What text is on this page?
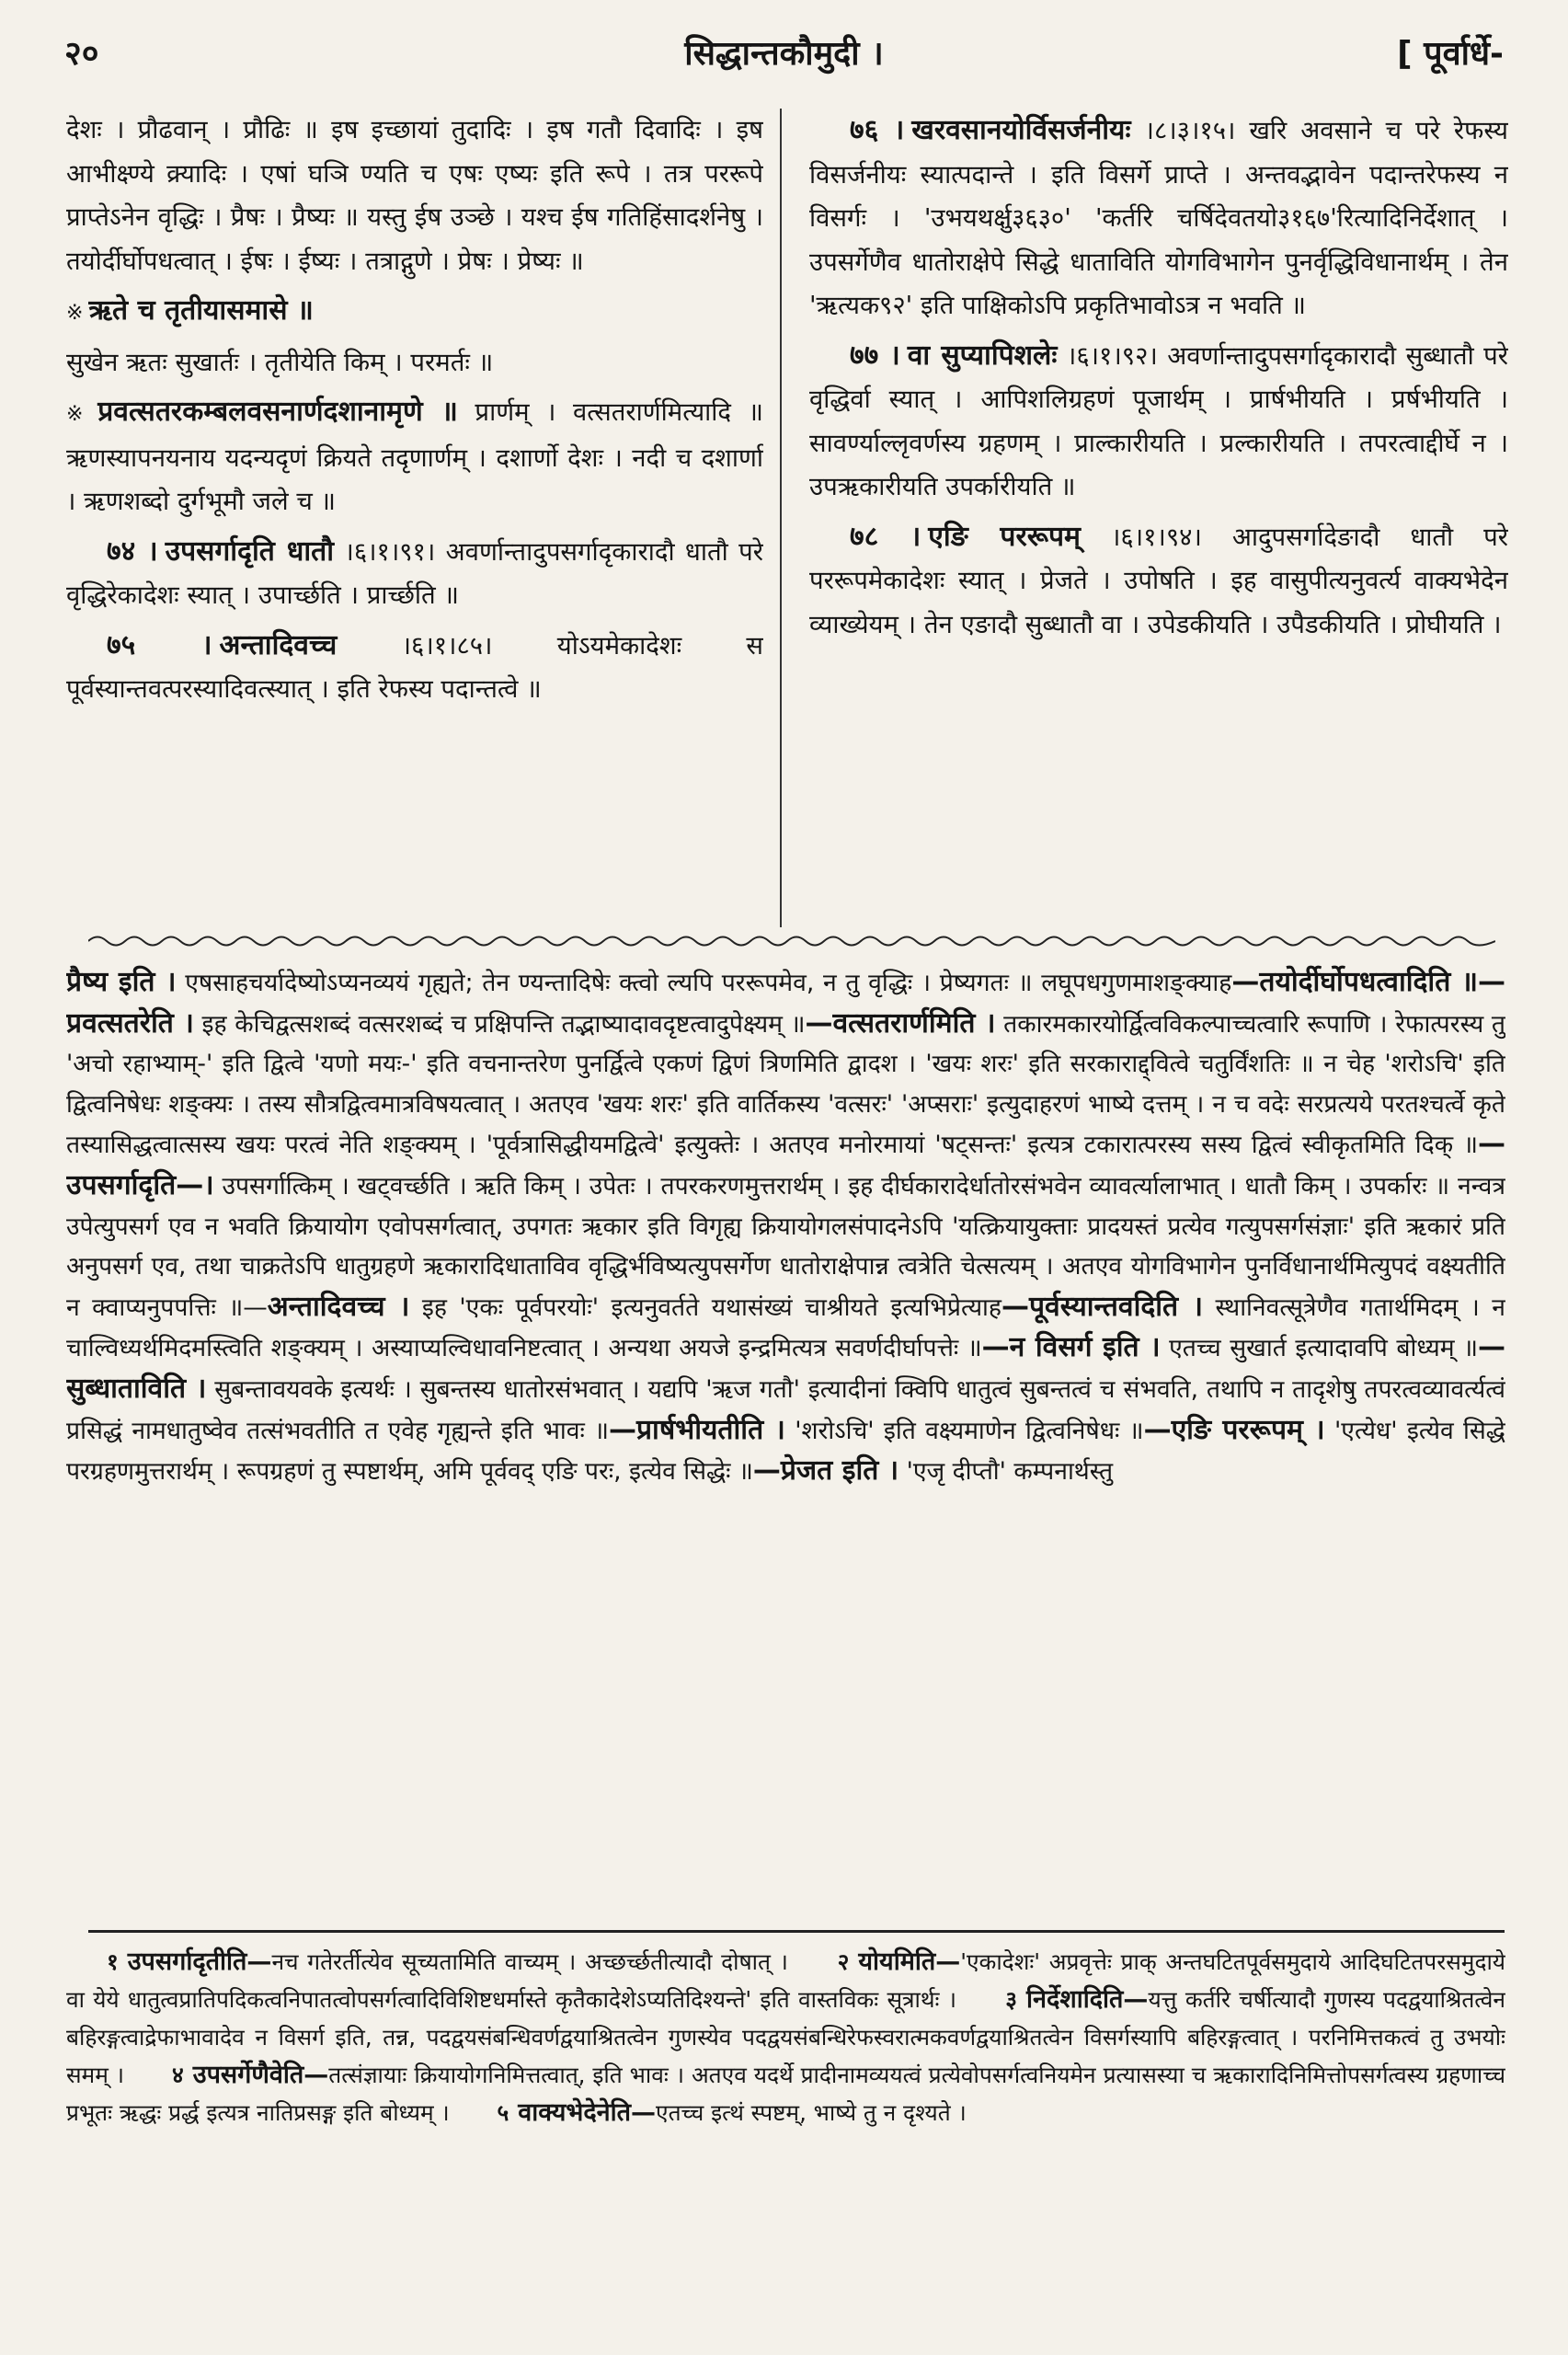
२०	सिद्धान्तकौमुदी ।	[ पूर्वार्धे-

देशः । प्रौढवान् । प्रौढिः ॥ इष इच्छायां तुदादिः । इष गतौ दिवादिः । इष आभीक्ष्ण्ये क्र्यादिः । एषां घञि ण्यति च एषः एष्यः इति रूपे । तत्र पररूपे प्राप्तेऽनेन वृद्धिः । प्रैषः । प्रैष्यः ॥ यस्तु ईष उञ्छे । यश्च ईष गतिहिंसादर्शनेषु । तयोर्दीर्घोपधत्वात् । ईषः । ईष्यः । तत्राद्गुणे । प्रेषः । प्रेष्यः ॥

※ ऋते च तृतीयासमासे ॥

सुखेन ऋतः सुखार्तः । तृतीयेति किम् । परमर्तः ॥

※ प्रवत्सतरकम्बलवसनार्णदशानामृणे ॥ प्रार्णम् । वत्सतरार्णमित्यादि ॥ ऋणस्यापनयनाय यदन्यदृणं क्रियते तदृणार्णम् । दशार्णो देशः । नदी च दशार्णा । ऋणशब्दो दुर्गभूमौ जले च ॥

७४ । उपसर्गादृति धातौ ।६।१।९१। अवर्णान्तादुपसर्गादृकारादौ धातौ परे वृद्धिरेकादेशः स्यात् । उपार्च्छति । प्रार्च्छति ॥

७५ । अन्तादिवच्च	।६।१।८५। योऽयमेकादेशः स पूर्वस्यान्तवत्परस्यादिवत्स्यात् । इति रेफस्य पदान्तत्वे ॥

७६ । खरवसानयोर्विसर्जनीयः ।८।३।१५। खरि अवसाने च परे रेफस्य विसर्जनीयः स्यात्पदान्ते । इति विसर्गे प्राप्ते । अन्तवद्भावेन पदान्तरेफस्य न विसर्गः । 'उभयथर्क्षु३६३०' 'कर्तरि चर्षिदेवतयो३१६७'रित्यादिनिर्देशात् । उपसर्गेणैव धातोराक्षेपे सिद्धे धाताविति योगविभागेन पुनर्वृद्धिविधानार्थम् । तेन 'ऋत्यक९२' इति पाक्षिकोऽपि प्रकृतिभावोऽत्र न भवति ॥

७७ । वा सुप्यापिशलेः ।६।१।९२। अवर्णान्तादुपसर्गादृकारादौ सुब्धातौ परे वृद्धिर्वा स्यात् । आपिशलिग्रहणं पूजार्थम् । प्रार्षभीयति । प्रर्षभीयति । सावर्ण्याल्लृवर्णस्य ग्रहणम् । प्राल्कारीयति । प्रल्कारीयति । तपरत्वाद्दीर्घे न । उपऋकारीयति उपर्कारीयति ॥

७८ । एङि पररूपम् ।६।१।९४। आदुपसर्गादेङादौ धातौ परे पररूपमेकादेशः स्यात् । प्रेजते । उपोषति । इह वासुपीत्यनुवर्त्य वाक्यभेदेन व्याख्येयम् । तेन एङादौ सुब्धातौ वा । उपेडकीयति । उपैडकीयति । प्रोघीयति ।

प्रैष्य इति । एषसाहचर्यादेष्योऽप्यनव्ययं गृह्यते; तेन ण्यन्तादिषेः क्त्वो ल्यपि पररूपमेव, न तु वृद्धिः । प्रेष्यगतः ॥ लघूपधगुणमाशङ्क्याह—तयोर्दीर्घोपधत्वादिति ॥—प्रवत्सतरेति । इह केचिद्वत्सशब्दं वत्सरशब्दं च प्रक्षिपन्ति तद्भाष्यादावदृष्टत्वादुपेक्ष्यम् ॥—वत्सतरार्णमिति । तकारमकारयोर्द्वित्वविकल्पाच्चत्वारि रूपाणि । रेफात्परस्य तु 'अचो रहाभ्याम्-' इति द्वित्वे 'यणो मयः-' इति वचनान्तरेण पुनर्द्वित्वे एकणं द्विणं त्रिणमिति द्वादश । 'खयः शरः' इति सरकाराद्द्वित्वे चतुर्विंशतिः ॥ न चेह 'शरोऽचि' इति द्वित्वनिषेधः शङ्क्यः । तस्य सौत्रद्वित्वमात्रविषयत्वात् । अतएव 'खयः शरः' इति वार्तिकस्य 'वत्सरः' 'अप्सराः' इत्युदाहरणं भाष्ये दत्तम् । न च वदेः सरप्रत्यये परतश्चर्त्वे कृते तस्यासिद्धत्वात्सस्य खयः परत्वं नेति शङ्क्यम् । 'पूर्वत्रासिद्धीयमद्वित्वे' इत्युक्तेः । अतएव मनोरमायां 'षट्सन्तः' इत्यत्र टकारात्परस्य सस्य द्वित्वं स्वीकृतमिति दिक् ॥—उपसर्गादृति—। उपसर्गात्किम् । खट्वर्च्छति । ऋति किम् । उपेतः । तपरकरणमुत्तरार्थम् । इह दीर्घकारादेर्धातोरसंभवेन व्यावर्त्यालाभात् । धातौ किम् । उपर्कारः ॥ नन्वत्र उपेत्युपसर्ग एव न भवति क्रियायोग एवोपसर्गत्वात्, उपगतः ऋकार इति विगृह्य क्रियायोगलसंपादनेऽपि 'यत्क्रियायुक्ताः प्रादयस्तं प्रत्येव गत्युपसर्गसंज्ञाः' इति ऋकारं प्रति अनुपसर्ग एव, तथा चाक्रतेऽपि धातुग्रहणे ऋकारादिधाताविव वृद्धिर्भविष्यत्युपसर्गेण धातोराक्षेपान्न त्वत्रेति चेत्सत्यम् । अतएव योगविभागेन पुनर्विधानार्थमित्युपदं वक्ष्यतीति न क्वाप्यनुपपत्तिः ॥—अन्तादिवच्च । इह 'एकः पूर्वपरयोः' इत्यनुवर्तते यथासंख्यं चाश्रीयते इत्यभिप्रेत्याह—पूर्वस्यान्तवदिति । स्थानिवत्सूत्रेणैव गतार्थमिदम् । न चाल्विध्यर्थमिदमस्त्विति शङ्क्यम् । अस्याप्यल्विधावनिष्टत्वात् । अन्यथा अयजे इन्द्रमित्यत्र सवर्णदीर्घापत्तेः ॥—न विसर्ग इति । एतच्च सुखार्त इत्यादावपि बोध्यम् ॥—सुब्धाताविति । सुबन्तावयवके इत्यर्थः । सुबन्तस्य धातोरसंभवात् । यद्यपि 'ऋज गतौ' इत्यादीनां क्विपि धातुत्वं सुबन्तत्वं च संभवति, तथापि न तादृशेषु तपरत्वव्यावर्त्यत्वं प्रसिद्धं नामधातुष्वेव तत्संभवतीति त एवेह गृह्यन्ते इति भावः ॥—प्रार्षभीयतीति । 'शरोऽचि' इति वक्ष्यमाणेन द्वित्वनिषेधः ॥—एङि पररूपम् । 'एत्येध' इत्येव सिद्धे परग्रहणमुत्तरार्थम् । रूपग्रहणं तु स्पष्टार्थम्, अमि पूर्ववद् एङि परः, इत्येव सिद्धेः ॥—प्रेजत इति । 'एजृ दीप्तौ' कम्पनार्थस्तु

१ उपसर्गादृतीति—नच गतेरर्तीत्येव सूच्यतामिति वाच्यम् । अच्छर्च्छतीत्यादौ दोषात् । २ योयमिति—'एकादेशः' अप्रवृत्तेः प्राक् अन्तघटितपूर्वसमुदाये आदिघटितपरसमुदाये वा येये धातुत्वप्रातिपदिकत्वनिपातत्वोपसर्गत्वादिविशिष्टधर्मास्ते कृतैकादेशेऽप्यतिदिश्यन्ते' इति वास्तविकः सूत्रार्थः । ३ निर्देशादिति—यत्तु कर्तरि चर्षीत्यादौ गुणस्य पदद्वयाश्रितत्वेन बहिरङ्गत्वाद्रेफाभावादेव न विसर्ग इति, तन्न, पदद्वयसंबन्धिवर्णद्वयाश्रितत्वेन गुणस्येव पदद्वयसंबन्धिरेफस्वरात्मकवर्णद्वयाश्रितत्वेन विसर्गस्यापि बहिरङ्गत्वात् । परनिमित्तकत्वं तु उभयोः समम् । ४ उपसर्गेणैवेति—तत्संज्ञायाः क्रियायोगनिमित्तत्वात्, इति भावः । अतएव यदर्थे प्रादीनामव्ययत्वं प्रत्येवोपसर्गत्वनियमेन प्रत्यासस्या च ऋकारादिनिमित्तोपसर्गत्वस्य ग्रहणाच्च प्रभूतः ऋद्धः प्रर्द्ध इत्यत्र नातिप्रसङ्ग इति बोध्यम् । ५ वाक्यभेदेनेति—एतच्च इत्थं स्पष्टम्, भाष्ये तु न दृश्यते ।
